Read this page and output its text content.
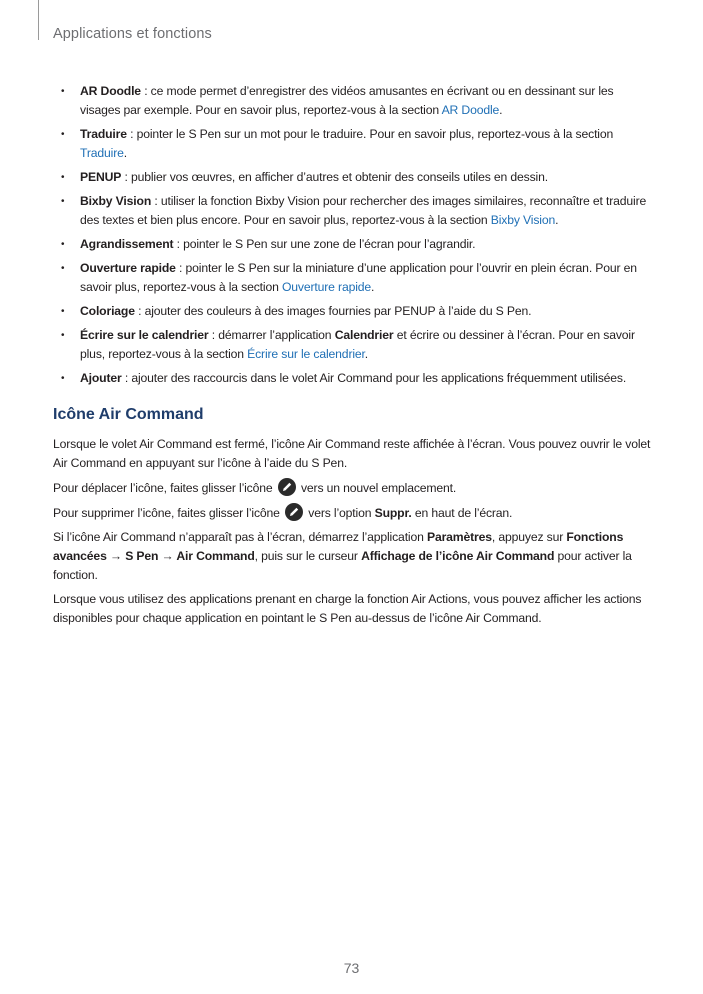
Applications et fonctions
• AR Doodle : ce mode permet d’enregistrer des vidéos amusantes en écrivant ou en dessinant sur les visages par exemple. Pour en savoir plus, reportez-vous à la section AR Doodle.
• Traduire : pointer le S Pen sur un mot pour le traduire. Pour en savoir plus, reportez-vous à la section Traduire.
• PENUP : publier vos œuvres, en afficher d’autres et obtenir des conseils utiles en dessin.
• Bixby Vision : utiliser la fonction Bixby Vision pour rechercher des images similaires, reconnaître et traduire des textes et bien plus encore. Pour en savoir plus, reportez-vous à la section Bixby Vision.
• Agrandissement : pointer le S Pen sur une zone de l’écran pour l’agrandir.
• Ouverture rapide : pointer le S Pen sur la miniature d’une application pour l’ouvrir en plein écran. Pour en savoir plus, reportez-vous à la section Ouverture rapide.
• Coloriage : ajouter des couleurs à des images fournies par PENUP à l’aide du S Pen.
• Écrire sur le calendrier : démarrer l’application Calendrier et écrire ou dessiner à l’écran. Pour en savoir plus, reportez-vous à la section Écrire sur le calendrier.
• Ajouter : ajouter des raccourcis dans le volet Air Command pour les applications fréquemment utilisées.
Icône Air Command

Lorsque le volet Air Command est fermé, l’icône Air Command reste affichée à l’écran. Vous pouvez ouvrir le volet Air Command en appuyant sur l’icône à l’aide du S Pen.

Pour déplacer l’icône, faites glisser l’icône
vers un nouvel emplacement.

Pour supprimer l’icône, faites glisser l’icône
vers l’option Suppr. en haut de l’écran.

Si l’icône Air Command n’apparaît pas à l’écran, démarrez l’application Paramètres, appuyez sur Fonctions avancées → S Pen → Air Command, puis sur le curseur Affichage de l’icône Air Command pour activer la fonction.

Lorsque vous utilisez des applications prenant en charge la fonction Air Actions, vous pouvez afficher les actions disponibles pour chaque application en pointant le S Pen au-dessus de l’icône Air Command.

73
